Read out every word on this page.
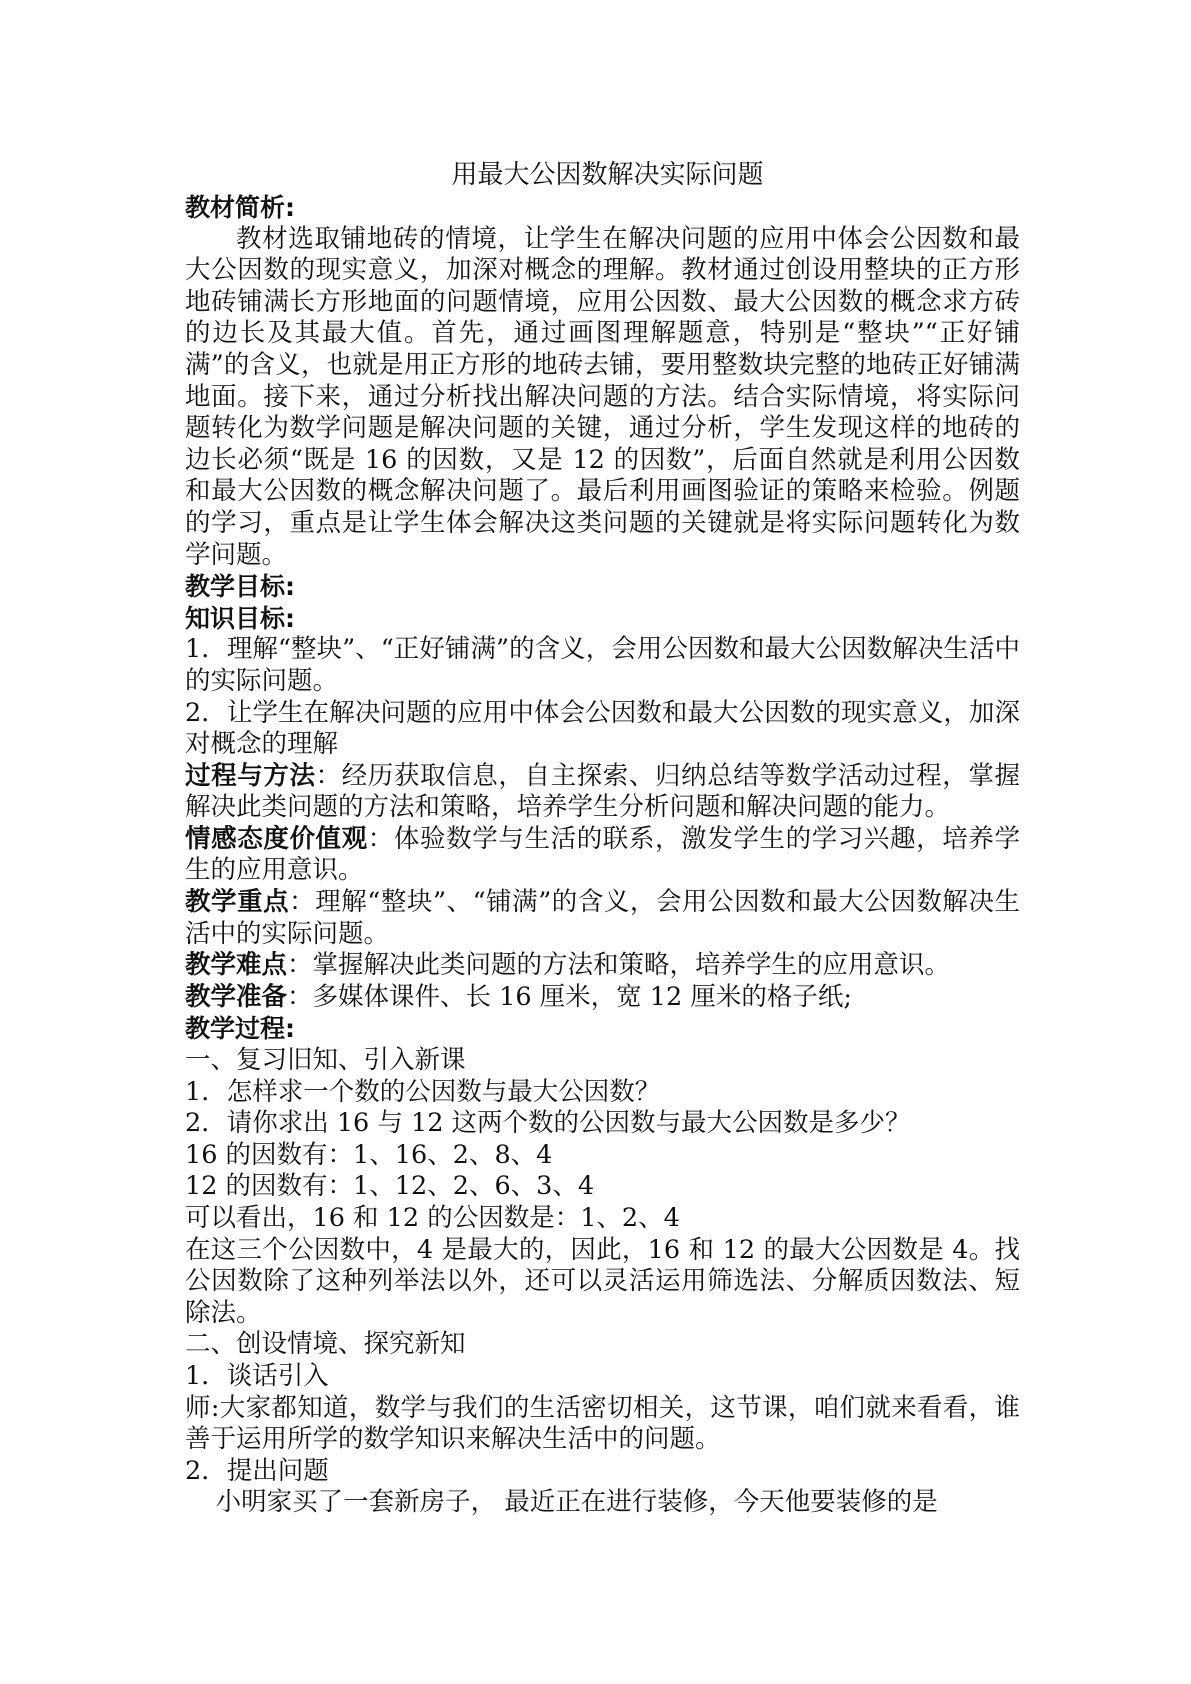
用最大公因数解决实际问题
教材简析:

教材选取铺地砖的情境，让学生在解决问题的应用中体会公因数和最大公因数的现实意义，加深对概念的理解。教材通过创设用整块的正方形地砖铺满长方形地面的问题情境，应用公因数、最大公因数的概念求方砖的边长及其最大值。首先，通过画图理解题意，特别是“整块”“正好铺满”的含义，也就是用正方形的地砖去铺，要用整数块完整的地砖正好铺满地面。接下来，通过分析找出解决问题的方法。结合实际情境，将实际问题转化为数学问题是解决问题的关键，通过分析，学生发现这样的地砖的边长必须“既是 16 的因数，又是 12 的因数”，后面自然就是利用公因数和最大公因数的概念解决问题了。最后利用画图验证的策略来检验。例题的学习，重点是让学生体会解决这类问题的关键就是将实际问题转化为数学问题。

教学目标:
知识目标:

1．理解“整块”、“正好铺满”的含义，会用公因数和最大公因数解决生活中的实际问题。

2．让学生在解决问题的应用中体会公因数和最大公因数的现实意义，加深对概念的理解

过程与方法：经历获取信息，自主探索、归纳总结等数学活动过程，掌握解决此类问题的方法和策略，培养学生分析问题和解决问题的能力。

情感态度价值观：体验数学与生活的联系，激发学生的学习兴趣，培养学生的应用意识。

教学重点：理解“整块”、“铺满”的含义，会用公因数和最大公因数解决生活中的实际问题。

教学难点：掌握解决此类问题的方法和策略，培养学生的应用意识。

教学准备：多媒体课件、长 16 厘米，宽 12 厘米的格子纸;

教学过程:

一、复习旧知、引入新课

1．怎样求一个数的公因数与最大公因数？

2．请你求出 16 与 12 这两个数的公因数与最大公因数是多少？

16 的因数有：1、16、2、8、4

12 的因数有：1、12、2、6、3、4

可以看出，16 和 12 的公因数是：1、2、4

在这三个公因数中，4 是最大的，因此，16 和 12 的最大公因数是 4。找公因数除了这种列举法以外，还可以灵活运用筛选法、分解质因数法、短除法。

二、创设情境、探究新知

1．谈话引入

师:大家都知道，数学与我们的生活密切相关，这节课，咱们就来看看，谁善于运用所学的数学知识来解决生活中的问题。

2．提出问题

小明家买了一套新房子， 最近正在进行装修，今天他要装修的是
